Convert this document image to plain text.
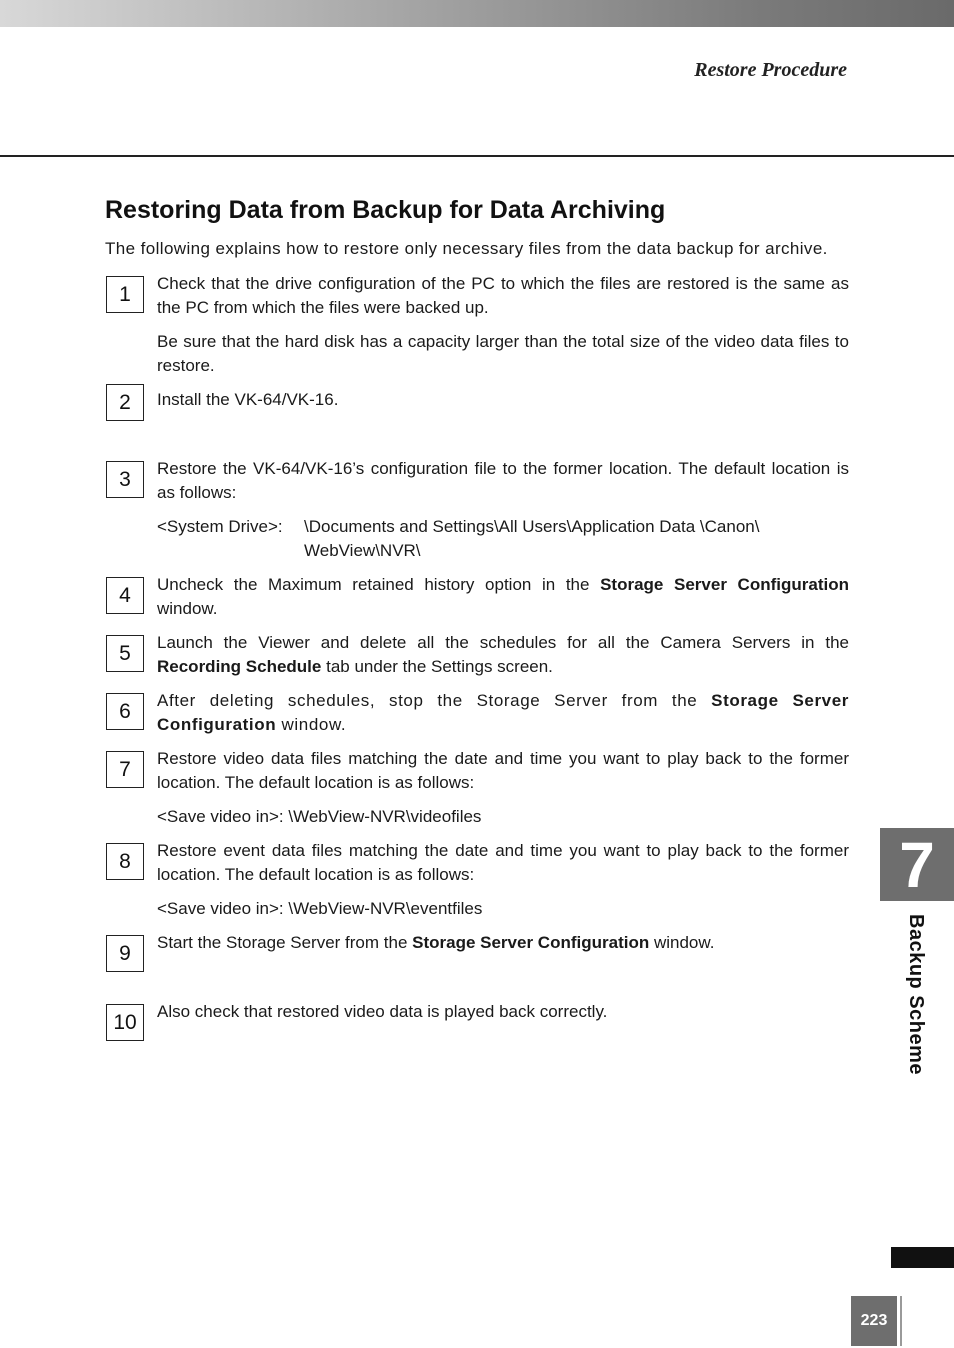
Restore Procedure
Restoring Data from Backup for Data Archiving

The following explains how to restore only necessary files from the data backup for archive.

1	Check that the drive configuration of the PC to which the files are restored is the same as the PC from which the files were backed up.

Be sure that the hard disk has a capacity larger than the total size of the video data files to restore.

2	Install the VK-64/VK-16.

3	Restore the VK-64/VK-16’s configuration file to the former location. The default location is as follows:

<System Drive>:	\Documents and Settings\All Users\Application Data \Canon\
WebView\NVR\
4	Uncheck the Maximum retained history option in the Storage Server Configuration window.

5	Launch the Viewer and delete all the schedules for all the Camera Servers in the Recording Schedule tab under the Settings screen.

6	After deleting schedules, stop the Storage Server from the Storage Server Configuration window.

7	Restore video data files matching the date and time you want to play back to the former location. The default location is as follows:

<Save video in>: \WebView-NVR\videofiles

8	Restore event data files matching the date and time you want to play back to the former location. The default location is as follows:

<Save video in>: \WebView-NVR\eventfiles

9	Start the Storage Server from the Storage Server Configuration window.

10	Also check that restored video data is played back correctly.

7
Backup Scheme
223
